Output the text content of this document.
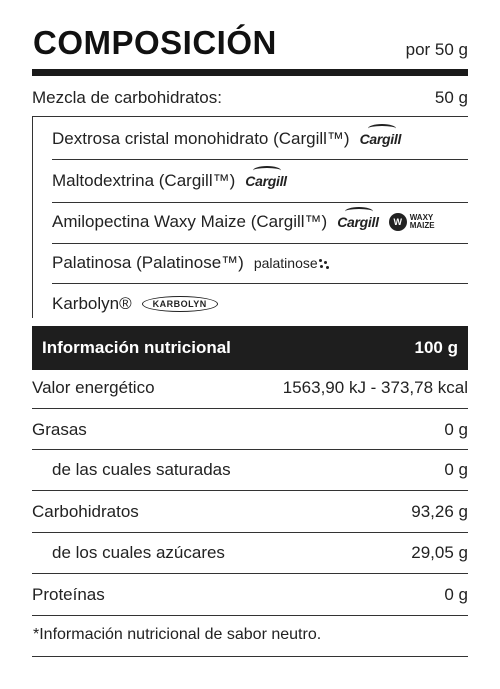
COMPOSICIÓN	por 50 g
Mezcla de carbohidratos:	50 g
Dextrosa cristal monohidrato (Cargill™) Cargill
Maltodextrina (Cargill™) Cargill
Amilopectina Waxy Maize (Cargill™) Cargill	W WAXY
MAIZE
Palatinosa (Palatinose™) palatinose
Karbolyn®	KARBOLYN
Información nutricional	100 g
Valor energético	1563,90 kJ - 373,78 kcal
Grasas	0 g
de las cuales saturadas	0 g
Carbohidratos	93,26 g
de los cuales azúcares	29,05 g
Proteínas	0 g
*Información nutricional de sabor neutro.
